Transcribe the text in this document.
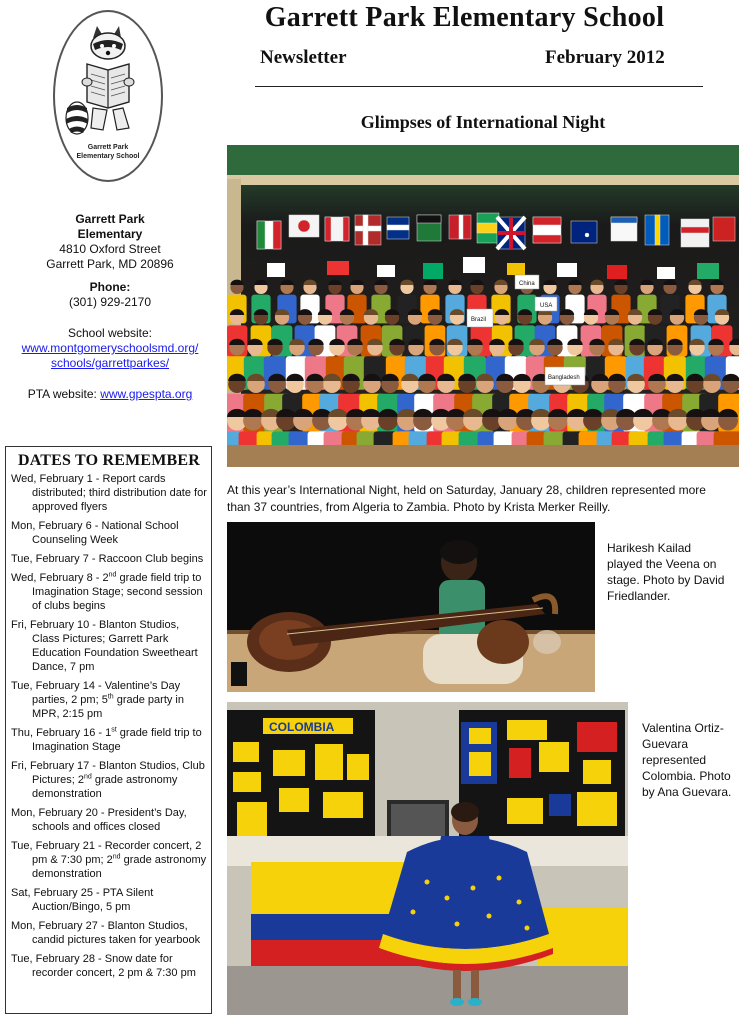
Garrett Park Elementary School
Newsletter	February 2012
Garrett Park
Elementary School
Garrett Park
Elementary
4810 Oxford Street
Garrett Park, MD 20896
Phone:
(301) 929-2170
School website:
www.montgomeryschoolsmd.org/
schools/garrettparkes/
PTA website: www.gpespta.org
DATES TO REMEMBER
Wed, February 1 - Report cards distributed; third distribution date for approved flyers
Mon, February 6 - National School Counseling Week
Tue, February 7 - Raccoon Club begins
Wed, February 8 - 2nd grade field trip to Imagination Stage; second session of clubs begins
Fri, February 10 - Blanton Studios, Class Pictures; Garrett Park Education Foundation Sweetheart Dance, 7 pm
Tue, February 14 - Valentine’s Day parties, 2 pm; 5th grade party in MPR, 2:15 pm
Thu, February 16 - 1st grade field trip to Imagination Stage
Fri, February 17 - Blanton Studios, Club Pictures; 2nd grade astronomy demonstration
Mon, February 20 - President’s Day, schools and offices closed
Tue, February 21 - Recorder concert, 2 pm & 7:30 pm; 2nd grade astronomy demonstration
Sat, February 25 - PTA Silent Auction/Bingo, 5 pm
Mon, February 27 - Blanton Studios, candid pictures taken for yearbook
Tue, February 28 - Snow date for recorder concert, 2 pm & 7:30 pm
Glimpses of International Night
Brazil
China
USA
Bangladesh
At this year’s International Night, held on Saturday, January 28, children represented more than 37 countries, from Algeria to Zambia. Photo by Krista Merker Reilly.
Harikesh Kailad played the Veena on stage. Photo by David Friedlander.
COLOMBIA	Valentina Ortiz-Guevara represented Colombia. Photo by Ana Guevara.
